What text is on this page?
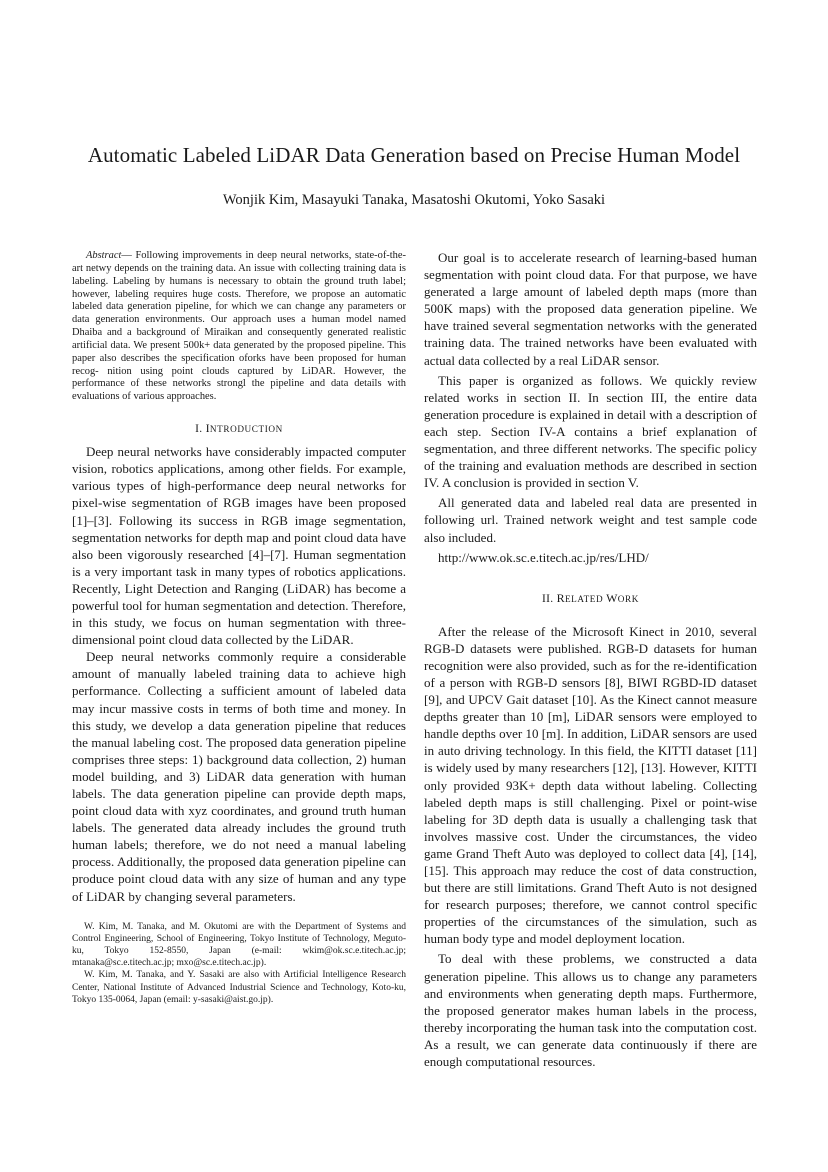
Automatic Labeled LiDAR Data Generation based on Precise Human Model
Wonjik Kim, Masayuki Tanaka, Masatoshi Okutomi, Yoko Sasaki

Abstract— Following improvements in deep neural networks, state-of-the-art netwy depends on the training data. An issue with collecting training data is labeling. Labeling by humans is necessary to obtain the ground truth label; however, labeling requires huge costs. Therefore, we propose an automatic labeled data generation pipeline, for which we can change any parameters or data generation environments. Our approach uses a human model named Dhaiba and a background of Miraikan and consequently generated realistic artificial data. We present 500k+ data generated by the proposed pipeline. This paper also describes the specification oforks have been proposed for human recog- nition using point clouds captured by LiDAR. However, the performance of these networks strongl the pipeline and data details with evaluations of various approaches.

I. INTRODUCTION

Deep neural networks have considerably impacted computer vision, robotics applications, among other fields. For example, various types of high-performance deep neural networks for pixel-wise segmentation of RGB images have been proposed [1]–[3]. Following its success in RGB image segmentation, segmentation networks for depth map and point cloud data have also been vigorously researched [4]–[7]. Human segmentation is a very important task in many types of robotics applications. Recently, Light Detection and Ranging (LiDAR) has become a powerful tool for human segmentation and detection. Therefore, in this study, we focus on human segmentation with three-dimensional point cloud data collected by the LiDAR.

Deep neural networks commonly require a considerable amount of manually labeled training data to achieve high performance. Collecting a sufficient amount of labeled data may incur massive costs in terms of both time and money. In this study, we develop a data generation pipeline that reduces the manual labeling cost. The proposed data generation pipeline comprises three steps: 1) background data collection, 2) human model building, and 3) LiDAR data generation with human labels. The data generation pipeline can provide depth maps, point cloud data with xyz coordinates, and ground truth human labels. The generated data already includes the ground truth human labels; therefore, we do not need a manual labeling process. Additionally, the proposed data generation pipeline can produce point cloud data with any size of human and any type of LiDAR by changing several parameters.

W. Kim, M. Tanaka, and M. Okutomi are with the Department of Systems and Control Engineering, School of Engineering, Tokyo Institute of Technology, Meguto-ku, Tokyo 152-8550, Japan (e-mail: wkim@ok.sc.e.titech.ac.jp; mtanaka@sc.e.titech.ac.jp; mxo@sc.e.titech.ac.jp).

W. Kim, M. Tanaka, and Y. Sasaki are also with Artificial Intelligence Research Center, National Institute of Advanced Industrial Science and Technology, Koto-ku, Tokyo 135-0064, Japan (email: y-sasaki@aist.go.jp).

Our goal is to accelerate research of learning-based human segmentation with point cloud data. For that purpose, we have generated a large amount of labeled depth maps (more than 500K maps) with the proposed data generation pipeline. We have trained several segmentation networks with the generated training data. The trained networks have been evaluated with actual data collected by a real LiDAR sensor.

This paper is organized as follows. We quickly review related works in section II. In section III, the entire data generation procedure is explained in detail with a description of each step. Section IV-A contains a brief explanation of segmentation, and three different networks. The specific policy of the training and evaluation methods are described in section IV. A conclusion is provided in section V.

All generated data and labeled real data are presented in following url. Trained network weight and test sample code also included.

http://www.ok.sc.e.titech.ac.jp/res/LHD/

II. RELATED WORK

After the release of the Microsoft Kinect in 2010, several RGB-D datasets were published. RGB-D datasets for human recognition were also provided, such as for the re-identification of a person with RGB-D sensors [8], BIWI RGBD-ID dataset [9], and UPCV Gait dataset [10]. As the Kinect cannot measure depths greater than 10 [m], LiDAR sensors were employed to handle depths over 10 [m]. In addition, LiDAR sensors are used in auto driving technology. In this field, the KITTI dataset [11] is widely used by many researchers [12], [13]. However, KITTI only provided 93K+ depth data without labeling. Collecting labeled depth maps is still challenging. Pixel or point-wise labeling for 3D depth data is usually a challenging task that involves massive cost. Under the circumstances, the video game Grand Theft Auto was deployed to collect data [4], [14], [15]. This approach may reduce the cost of data construction, but there are still limitations. Grand Theft Auto is not designed for research purposes; therefore, we cannot control specific properties of the circumstances of the simulation, such as human body type and model deployment location.

To deal with these problems, we constructed a data generation pipeline. This allows us to change any parameters and environments when generating depth maps. Furthermore, the proposed generator makes human labels in the process, thereby incorporating the human task into the computation cost. As a result, we can generate data continuously if there are enough computational resources.
